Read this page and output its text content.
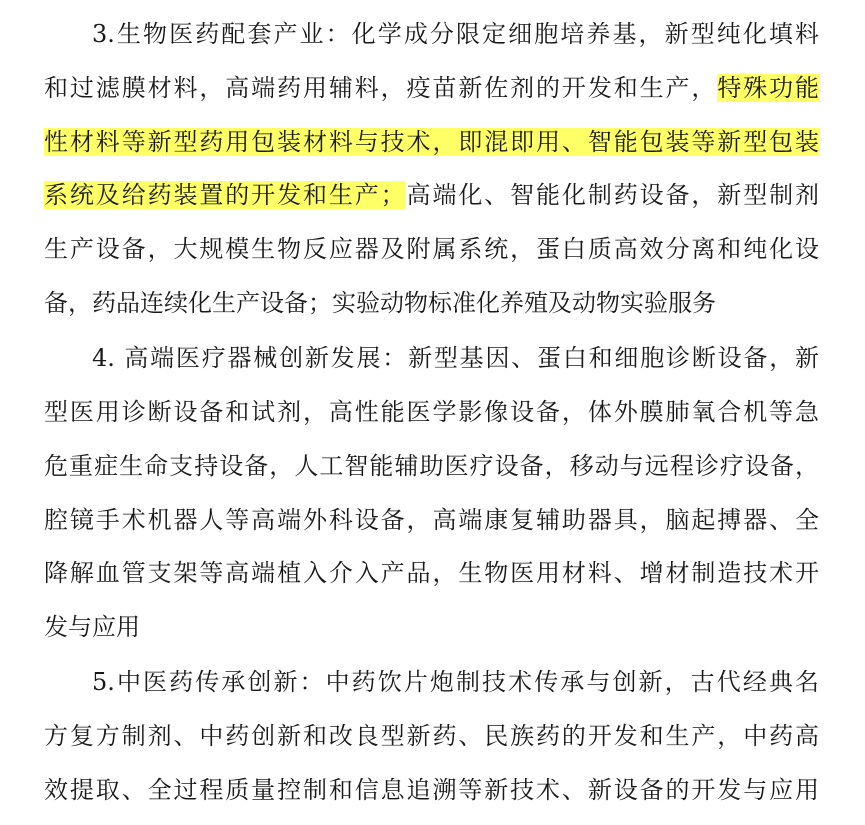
3.生物医药配套产业：化学成分限定细胞培养基，新型纯化填料
和过滤膜材料，高端药用辅料，疫苗新佐剂的开发和生产，特殊功能
性材料等新型药用包装材料与技术，即混即用、智能包装等新型包装
系统及给药装置的开发和生产；高端化、智能化制药设备，新型制剂
生产设备，大规模生物反应器及附属系统，蛋白质高效分离和纯化设
备，药品连续化生产设备；实验动物标准化养殖及动物实验服务
4. 高端医疗器械创新发展：新型基因、蛋白和细胞诊断设备，新
型医用诊断设备和试剂，高性能医学影像设备，体外膜肺氧合机等急
危重症生命支持设备，人工智能辅助医疗设备，移动与远程诊疗设备，
腔镜手术机器人等高端外科设备，高端康复辅助器具，脑起搏器、全
降解血管支架等高端植入介入产品，生物医用材料、增材制造技术开
发与应用
5.中医药传承创新：中药饮片炮制技术传承与创新，古代经典名
方复方制剂、中药创新和改良型新药、民族药的开发和生产，中药高
效提取、全过程质量控制和信息追溯等新技术、新设备的开发与应用
